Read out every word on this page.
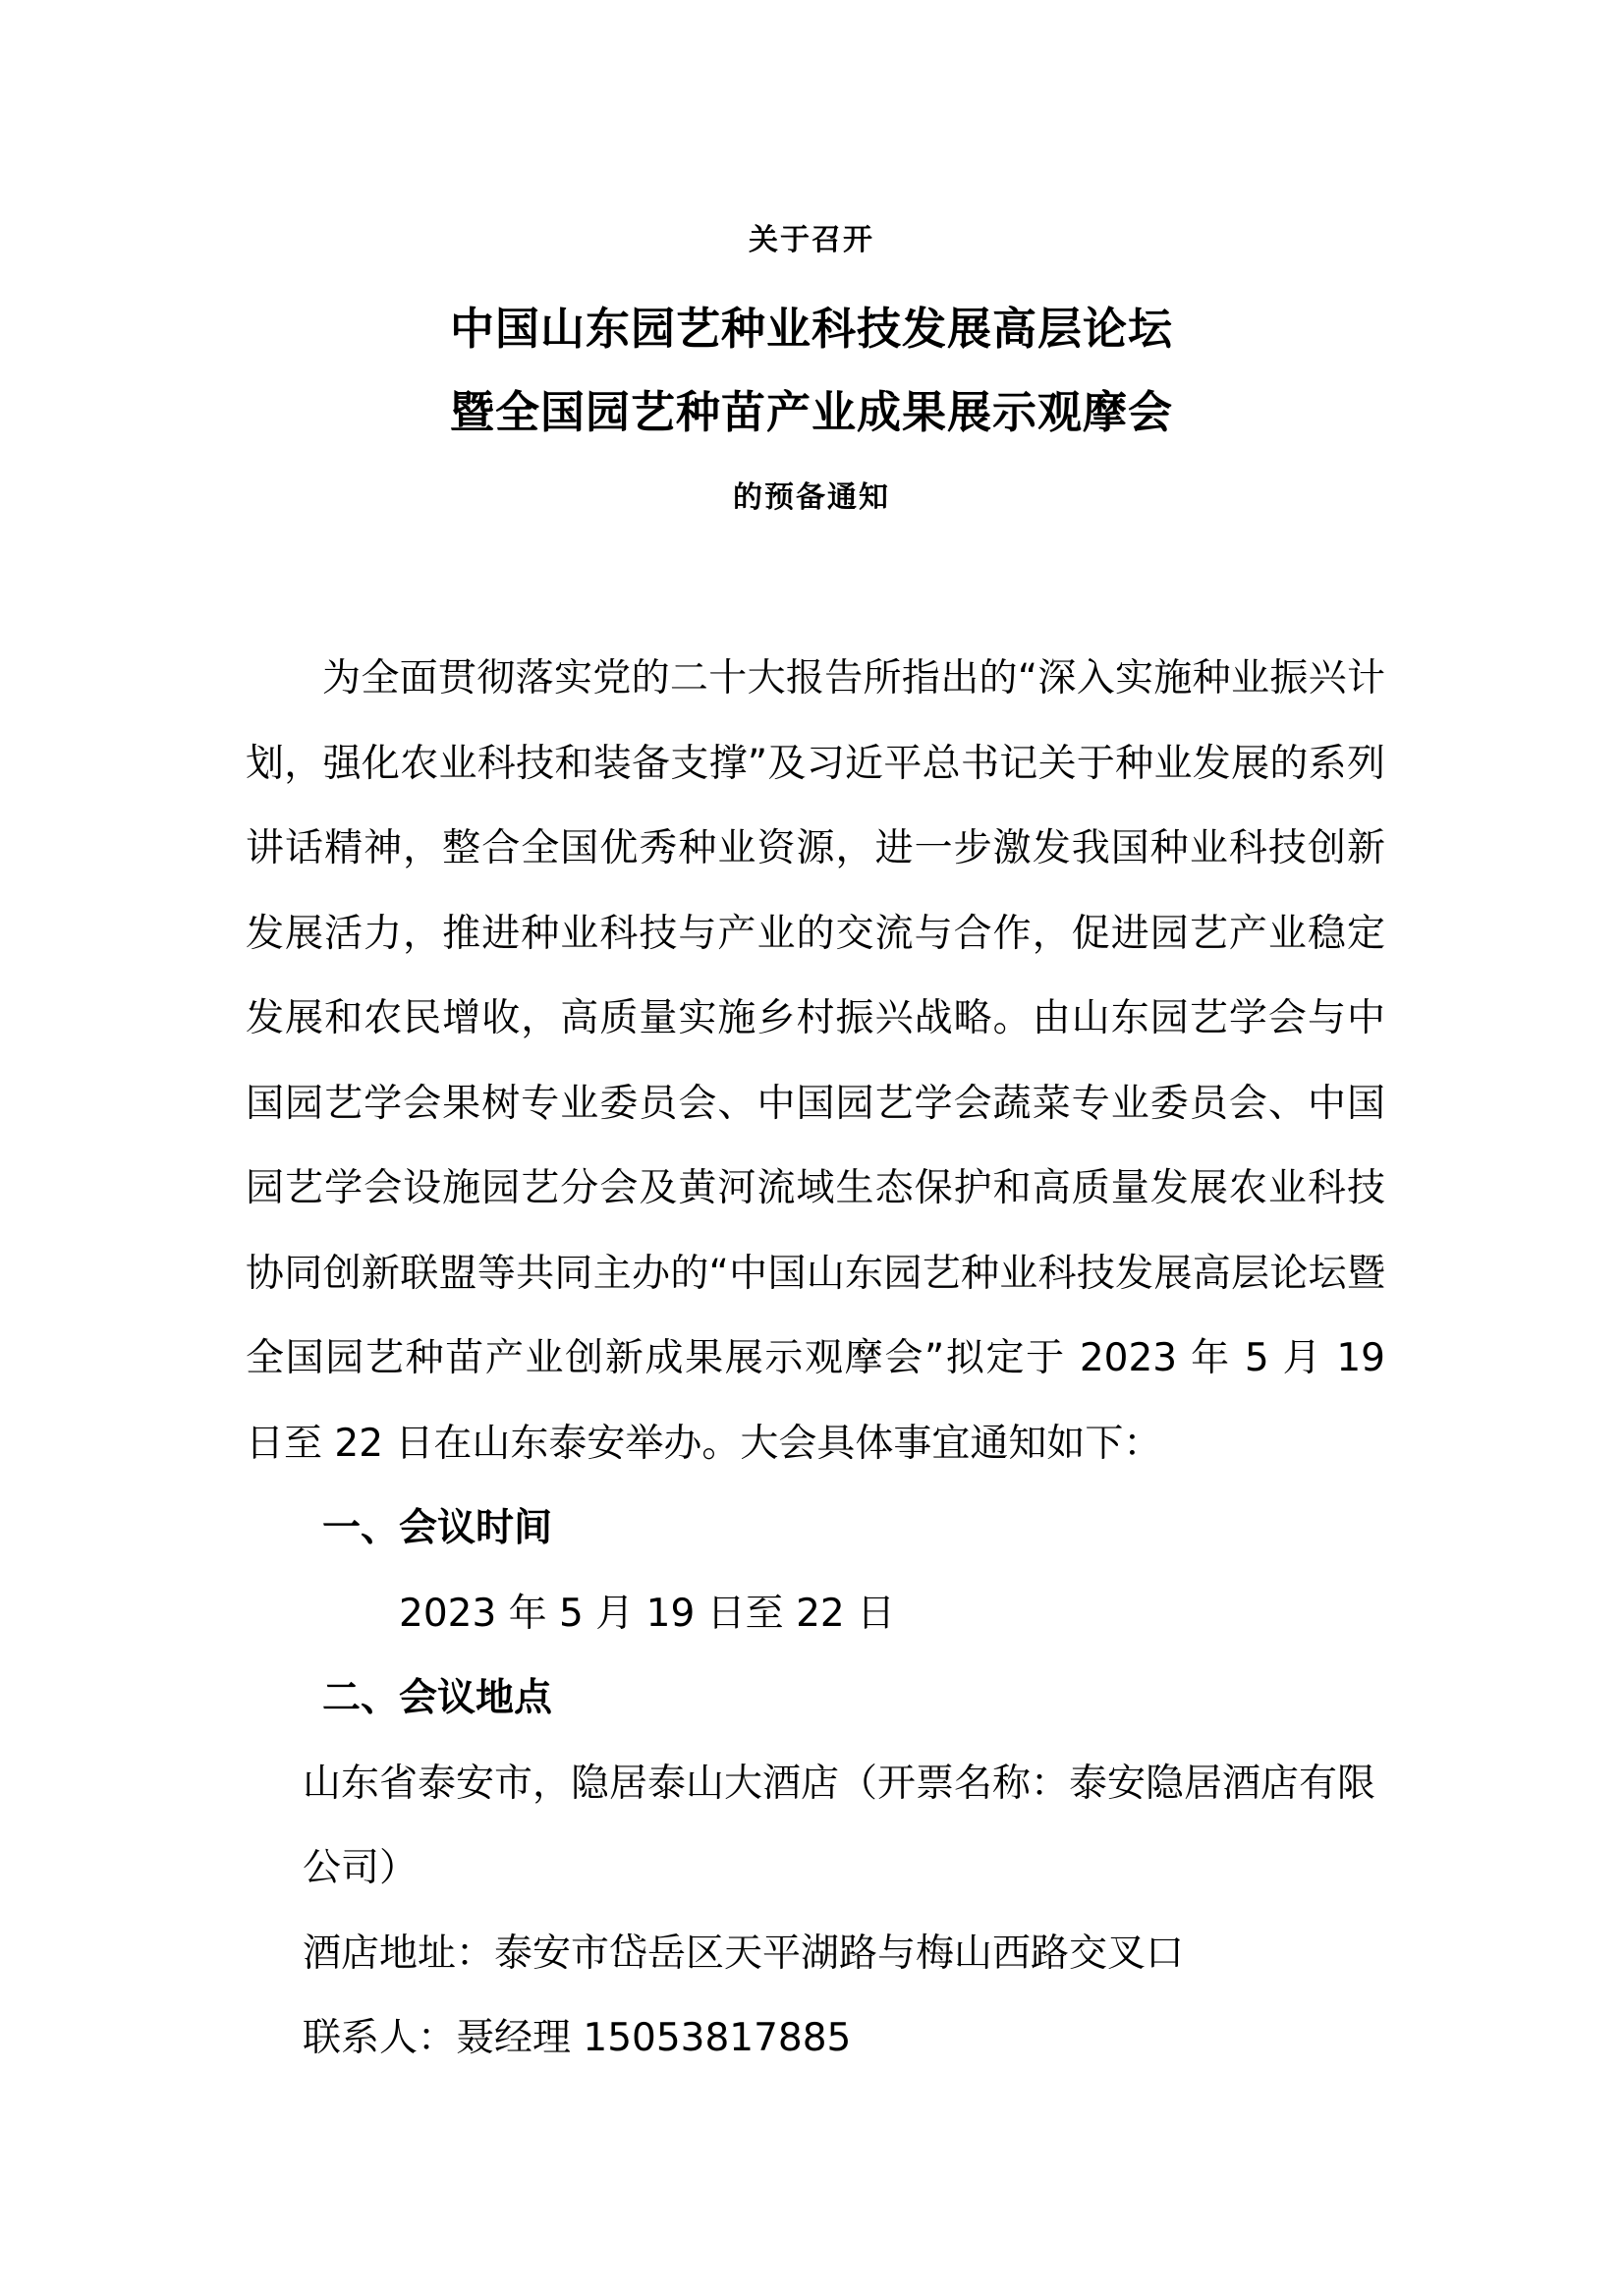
关于召开
中国山东园艺种业科技发展高层论坛
暨全国园艺种苗产业成果展示观摩会
的预备通知

为全面贯彻落实党的二十大报告所指出的“深入实施种业振兴计划，强化农业科技和装备支撑”及习近平总书记关于种业发展的系列讲话精神，整合全国优秀种业资源，进一步激发我国种业科技创新发展活力，推进种业科技与产业的交流与合作，促进园艺产业稳定发展和农民增收，高质量实施乡村振兴战略。由山东园艺学会与中国园艺学会果树专业委员会、中国园艺学会蔬菜专业委员会、中国园艺学会设施园艺分会及黄河流域生态保护和高质量发展农业科技协同创新联盟等共同主办的“中国山东园艺种业科技发展高层论坛暨全国园艺种苗产业创新成果展示观摩会”拟定于 2023 年 5 月 19 日至 22 日在山东泰安举办。大会具体事宜通知如下：

一、会议时间

2023 年 5 月 19 日至 22 日

二、会议地点

山东省泰安市，隐居泰山大酒店（开票名称：泰安隐居酒店有限公司）

酒店地址：泰安市岱岳区天平湖路与梅山西路交叉口

联系人：聂经理 15053817885
